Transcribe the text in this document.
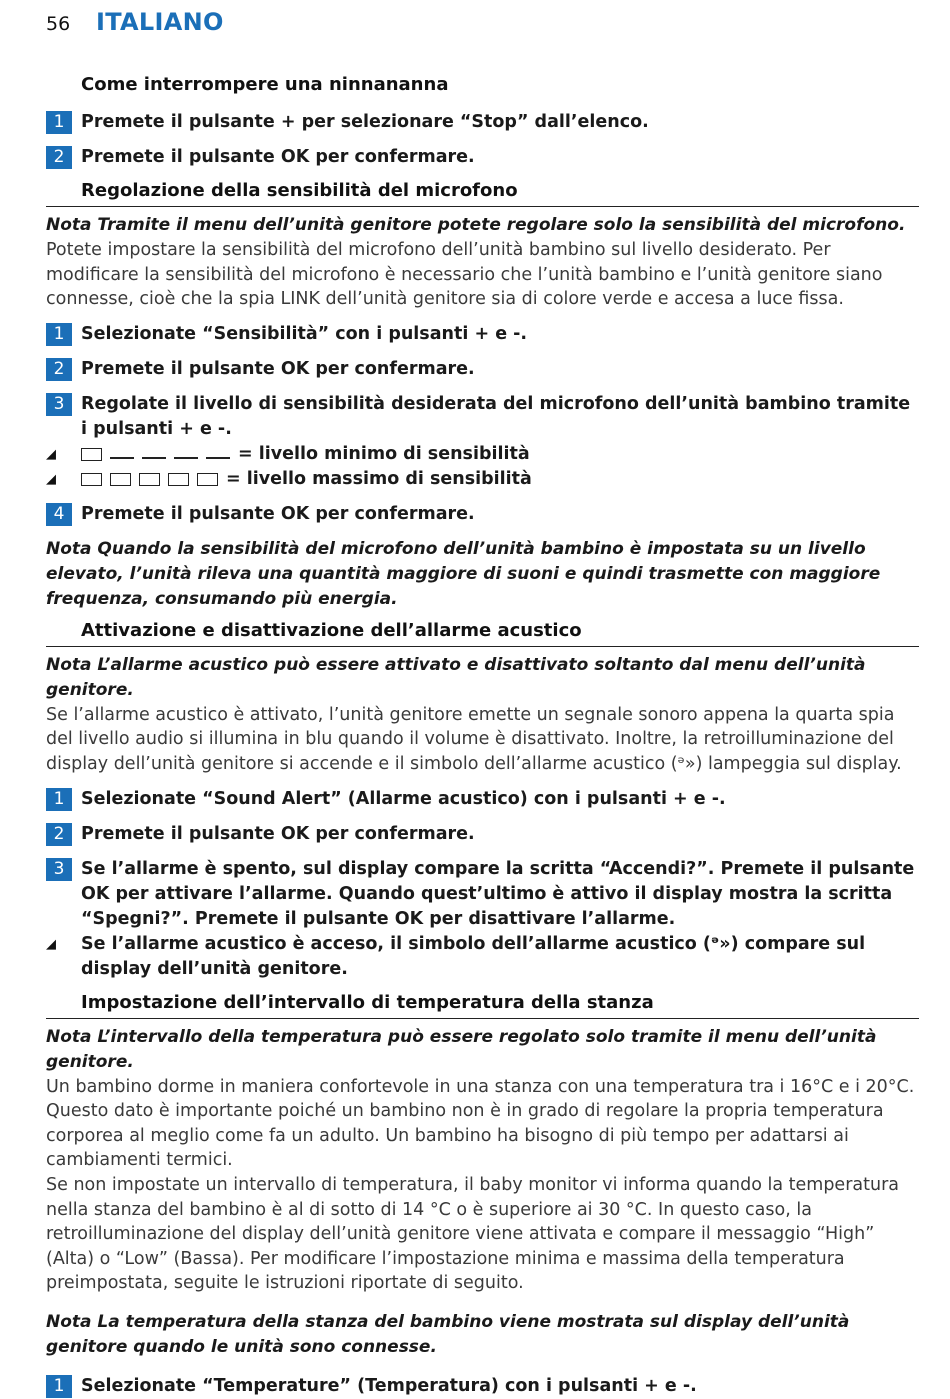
56	ITALIANO
Come interrompere una ninnananna
1 Premete il pulsante + per selezionare “Stop” dall’elenco.
2 Premete il pulsante OK per confermare.
Regolazione della sensibilità del microfono

Nota Tramite il menu dell’unità genitore potete regolare solo la sensibilità del microfono.

Potete impostare la sensibilità del microfono dell’unità bambino sul livello desiderato. Per modificare la sensibilità del microfono è necessario che l’unità bambino e l’unità genitore siano connesse, cioè che la spia LINK dell’unità genitore sia di colore verde e accesa a luce fissa.

1 Selezionate “Sensibilità” con i pulsanti + e -.
2 Premete il pulsante OK per confermare.
3 Regolate il livello di sensibilità desiderata del microfono dell’unità bambino tramite i pulsanti + e -.
◢	= livello minimo di sensibilità
◢	= livello massimo di sensibilità
4 Premete il pulsante OK per confermare.

Nota Quando la sensibilità del microfono dell’unità bambino è impostata su un livello elevato, l’unità rileva una quantità maggiore di suoni e quindi trasmette con maggiore frequenza, consumando più energia.

Attivazione e disattivazione dell’allarme acustico

Nota L’allarme acustico può essere attivato e disattivato soltanto dal menu dell’unità genitore.

Se l’allarme acustico è attivato, l’unità genitore emette un segnale sonoro appena la quarta spia del livello audio si illumina in blu quando il volume è disattivato. Inoltre, la retroilluminazione del display dell’unità genitore si accende e il simbolo dell’allarme acustico (ᵊ») lampeggia sul display.

1 Selezionate “Sound Alert” (Allarme acustico) con i pulsanti + e -.
2 Premete il pulsante OK per confermare.
3 Se l’allarme è spento, sul display compare la scritta “Accendi?”. Premete il pulsante OK per attivare l’allarme. Quando quest’ultimo è attivo il display mostra la scritta “Spegni?”. Premete il pulsante OK per disattivare l’allarme.
◢	Se l’allarme acustico è acceso, il simbolo dell’allarme acustico (ᵊ») compare sul display dell’unità genitore.
Impostazione dell’intervallo di temperatura della stanza

Nota L’intervallo della temperatura può essere regolato solo tramite il menu dell’unità genitore.

Un bambino dorme in maniera confortevole in una stanza con una temperatura tra i 16°C e i 20°C. Questo dato è importante poiché un bambino non è in grado di regolare la propria temperatura corporea al meglio come fa un adulto. Un bambino ha bisogno di più tempo per adattarsi ai cambiamenti termici.

Se non impostate un intervallo di temperatura, il baby monitor vi informa quando la temperatura nella stanza del bambino è al di sotto di 14 °C o è superiore ai 30 °C. In questo caso, la retroilluminazione del display dell’unità genitore viene attivata e compare il messaggio “High” (Alta) o “Low” (Bassa). Per modificare l’impostazione minima e massima della temperatura preimpostata, seguite le istruzioni riportate di seguito.

Nota La temperatura della stanza del bambino viene mostrata sul display dell’unità genitore quando le unità sono connesse.

1 Selezionate “Temperature” (Temperatura) con i pulsanti + e -.
